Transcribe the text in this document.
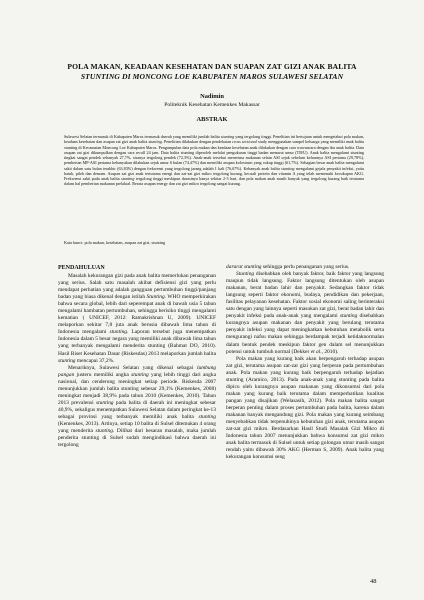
POLA MAKAN, KEADAAN KESEHATAN DAN SUAPAN ZAT GIZI ANAK BALITA
STUNTING DI MONCONG LOE KABUPATEN MAROS SULAWESI SELATAN
Nadimin
Politeknik Kesehatan Kemenkes Makassar
ABSTRAK
Sulawesi Selatan termasuk di Kabupaten Maros termasuk daerah yang memiliki jumlah balita stunting yang tergolong tinggi. Penelitian ini bertujuan untuk mengetahui pola makan, keadaan kesehatan dan asupan zat gizi anak balita stunting. Penelitian dilakukan dengan pendekatan cross sectional study menggunakan sampel keluarga yang memiliki anak balita stunting di Kecamatan Moncong Loe Kabupaten Maros. Pengumpulan data pola makan dan keadaan kesehatan anak dilakukan dengan cara wawancara dengan ibu anak balita. Data asupan zat gizi dikumpulkan dengan cara recall 24 jam. Data balita stunting diperoleh melalui pengukuran tinggi badan menurut umur (TB/U). Anak balita mengalami stunting tingkat sangat pendek sebanyak 27,7%, sisanya tergolong pendek (72,3%). Anak-anak tersebut menerima makanan selain ASI sejak sebelum keluarnya ASI pertama (29,78%), pemberian MP-ASI pertama kebanyakan dilakukan sejak umur 6 bulan (74,47%) dan memiliki asupan kolostrum yang cukup tinggi (61,7%). Sebagian besar anak balita mengalami sakit dalam satu bulan terakhir (63,83%) dengan frekwensi yang tergolong jarang adalah 1 kali (76,67%). Kebanyak anak balita stunting mengalami gejala penyakit infeksi, yaitu batuk, pilek dan demam. Asupan zat gizi anak tertutama energi dan zat-zat gizi mikro tergolong kurang, kecuali protein dan vitamin A yang telah memenuhi kecukupan AKG. Frekwensi sakit pada anak balita stunting tergolong tinggi meskipun durasinya hanya sekitar 2-3 hari, dan pola makan anak masih banyak yang tergolong kurang baik terutama dalam hal pemberian makanan prelaktal. Rerata asupan energy dan zat gizi mikro tergolong sangat kurang.
Kata kunci: pola makan, kesehatan, asupan zat gizi, stunting
PENDAHULUAN

Masalah kekurangan gizi pada anak balita memerlukan penanganan yang serius. Salah satu masalah akibat defisiensi gizi yang perlu mendapat perhatian yang adalah gangguan pertumbuhan tinggi/panjang badan yang biasa dikenal dengan istilah Stunting. WHO memperkirakan bahwa secara global, lebih dari seperempat anak di bawah usia 5 tahun mengalami hambatan pertumbuhan, sehingga berisiko tinggi mengalami kematian ( UNICEF, 2012: Ramakrishnan U, 2009). UNICEF melaporkan sekitar 7,8 juta anak berusia dibawah lima tahun di Indonesia mengalami stunting. Laporan tersebut juga menempatkan Indonesia dalam 5 besar negara yang memiliki anak dibawah lima tahun yang terbanyak mengalami menderita stunting (Bahmat DO, 2010). Hasil Riset Kesehatan Dasar (Riskesdas) 2013 melaporkan jumlah balita stunting mencapai 37,2%.

Menariknya, Sulawesi Selatan yang dikenal sebagai lumbung pangan justeru memiliki angka stunting yang lebih tinggi dari angka nasional, dan cenderung meningkat setiap periode. Riskesda 2007 menunjukkan jumlah balita stunting sebesar 29,1% (Kemenkes, 2008) meningkat menjadi 38,9% pada tahun 2010 (Kemenkes, 2010). Tahun 2013 prevalensi stunting pada balita di daerah ini meningkat sebesar 40,9%, sekaligus menempatkan Sulawesi Selatan dalam peringkat ke-13 sebagai provinsi yang terbanyak memiliki anak balita stunting (Kemenkes, 2013). Artinya, setiap 10 balita di Sulsel ditemukan 4 orang yang menderita stunting. Dilihat dari besaran masalah, maka jumlah penderita stunting di Sulsel sudah mengindikasi bahwa daerah ini tergolong

darurat stunting sehingga perlu penanganan yang serius.

Stunting disebabkan oleh banyak faktor, baik faktor yang langsung maupun tidak langsung. Faktor langsung ditentukan oleh asupan makanan, berat badan lahir dan penyakit. Sedangkan faktor tidak langsung seperti faktor ekonomi, budaya, pendidikan dan pekerjaan, fasilitas pelayanan kesehatan. Faktor sosial ekonomi saling berinteraksi satu dengan yang lainnya seperti masukan zat gizi, berat badan lahir dan penyakit infeksi pada anak-anak yang mengalami stunting disebabkan kurangnya asupan makanan dan penyakit yang berulang terutama penyakit infeksi yang dapat meningkatkan kebutuhan metabolik serta mengurangi nafsu makan sehingga berdampak terjadi ketidaknormalan dalam bentuk pendek meskipun faktor gen dalam sel menunjukkan potensi untuk tumbuh normal (Dekker et al., 2010).

Pola makan yang kurang baik akan berpengaruh terhadap asupan zat gizi, terutama asupan zat-zat gizi yang berperan pada pertumbuhan anak. Pola makan yang kurang baik berpengaruh terhadap kejadian stunting (Aramico, 2013). Pada anak-anak yang stunting pada balita dipicu oleh kurangnya asupan makanan yang dikonsumsi dari pola makan yang kurang baik terutama dalam memperhatikan kualitas pangan yang disajikan (Welasasih, 2012). Pola makan balita sangat berperan penting dalam proses pertumbuhan pada balita, karena dalam makanan banyak mengandung gizi. Pola makan yang kurang seimbang menyebabkan tidak terpenuhinya kebutuhan gizi anak, terutama asupan zat-zat gizi mikro. Berdasarkan Hasil Studi Masalah Gizi Mikro di Indonesia tahun 2007 menunjukkan bahwa konsumsi zat gizi mikro anak balita termasuk di Sulsel untuk setiap golongan umur masih sangat rendah yaitu dibawah 30% AKG (Herman S, 2009). Anak balita yang kekurangan konsumsi seng

48
